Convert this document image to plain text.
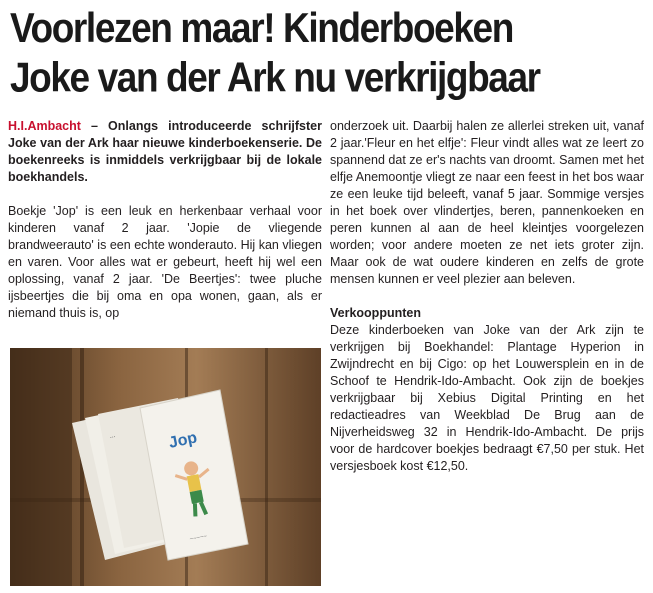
Voorlezen maar! Kinderboeken
Joke van der Ark nu verkrijgbaar

H.I.Ambacht – Onlangs introduceerde schrijfster Joke van der Ark haar nieuwe kinderboekenserie. De boekenreeks is inmiddels verkrijgbaar bij de lokale boekhandels.

Boekje 'Jop' is een leuk en herkenbaar verhaal voor kinderen vanaf 2 jaar. 'Jopie de vliegende brandweerauto' is een echte wonderauto. Hij kan vliegen en varen. Voor alles wat er gebeurt, heeft hij wel een oplossing, vanaf 2 jaar. 'De Beertjes': twee pluche ijsbeertjes die bij oma en opa wonen, gaan, als er niemand thuis is, op

...	Jop
~~~~~

onderzoek uit. Daarbij halen ze allerlei streken uit, vanaf 2 jaar.'Fleur en het elfje': Fleur vindt alles wat ze leert zo spannend dat ze er's nachts van droomt. Samen met het elfje Anemoontje vliegt ze naar een feest in het bos waar ze een leuke tijd beleeft, vanaf 5 jaar. Sommige versjes in het boek over vlindertjes, beren, pannenkoeken en peren kunnen al aan de heel kleintjes voorgelezen worden; voor andere moeten ze net iets groter zijn. Maar ook de wat oudere kinderen en zelfs de grote mensen kunnen er veel plezier aan beleven.

Verkooppunten

Deze kinderboeken van Joke van der Ark zijn te verkrijgen bij Boekhandel: Plantage Hyperion in Zwijndrecht en bij Cigo: op het Louwersplein en in de Schoof te Hendrik-Ido-Ambacht. Ook zijn de boekjes verkrijgbaar bij Xebius Digital Printing en het redactieadres van Weekblad De Brug aan de Nijverheidsweg 32 in Hendrik-Ido-Ambacht. De prijs voor de hardcover boekjes bedraagt €7,50 per stuk. Het versjesboek kost €12,50.
